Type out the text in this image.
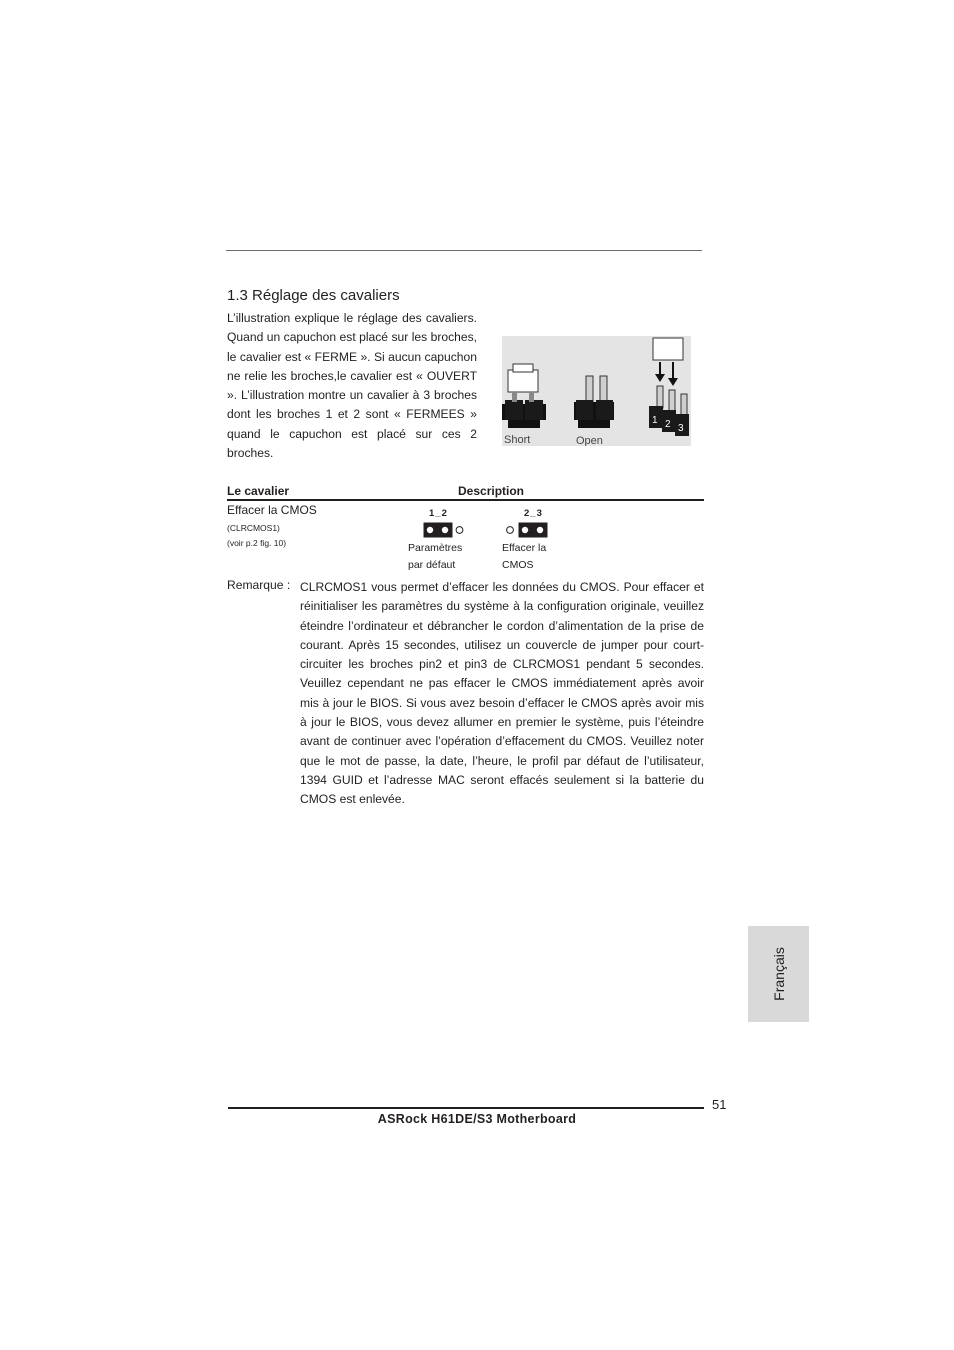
1.3 Réglage des cavaliers

L’illustration explique le réglage des cavaliers. Quand un capuchon est placé sur les broches, le cavalier est « FERME ». Si aucun capuchon ne relie les broches,le cavalier est « OUVERT ». L’illustration montre un cavalier à 3 broches dont les broches 1 et 2 sont « FERMEES » quand le capuchon est placé sur ces 2 broches.

Short	Open
1 2 3
Le cavalier	Description
Effacer la CMOS
(CLRCMOS1)
(voir p.2 fig. 10)
1_2
Paramètres
par défaut
2_3
Effacer la
CMOS
Remarque : CLRCMOS1 vous permet d’effacer les données du CMOS. Pour effacer et réinitialiser les paramètres du système à la configuration originale, veuillez éteindre l’ordinateur et débrancher le cordon d’alimentation de la prise de courant. Après 15 secondes, utilisez un couvercle de jumper pour court-circuiter les broches pin2 et pin3 de CLRCMOS1 pendant 5 secondes. Veuillez cependant ne pas effacer le CMOS immédiatement après avoir mis à jour le BIOS. Si vous avez besoin d’effacer le CMOS après avoir mis à jour le BIOS, vous devez allumer en premier le système, puis l’éteindre avant de continuer avec l’opération d’effacement du CMOS. Veuillez noter que le mot de passe, la date, l’heure, le profil par défaut de l’utilisateur, 1394 GUID et l’adresse MAC seront effacés seulement si la batterie du CMOS est enlevée.

Français
51
ASRock H61DE/S3 Motherboard
